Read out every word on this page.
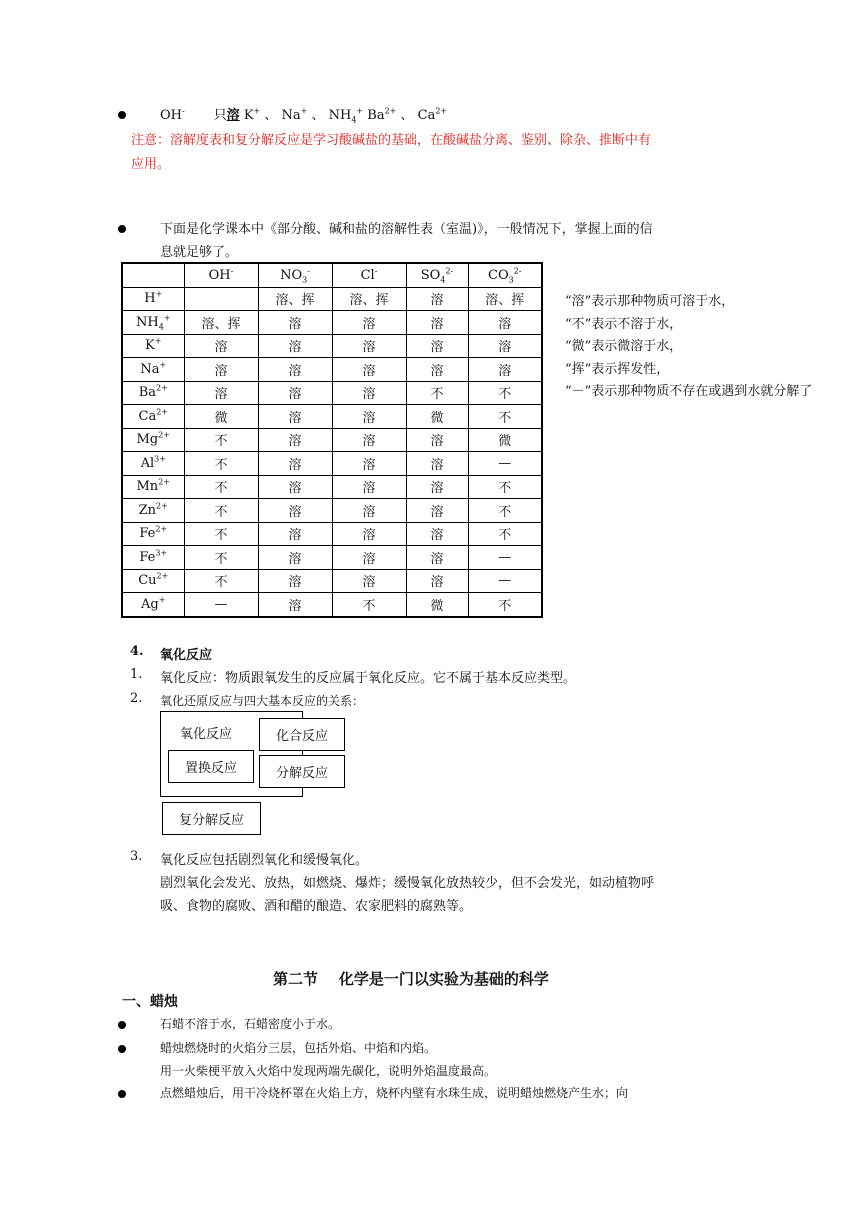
OH- 只溶 K+ 、 Na+ 、 $NH_4^+$ $Ba^{2+}$ 、 $Ca^{2+}$
注意：溶解度表和复分解反应是学习酸碱盐的基础，在酸碱盐分离、鉴别、除杂、推断中有
应用。
下面是化学课本中《部分酸、碱和盐的溶解性表（室温)》，一般情况下，掌握上面的信
息就足够了。
	OH-	$NO_3^-$	Cl-	$SO_4^{2-}$	$CO_3^{2-}$
H+		溶、挥	溶、挥	溶	溶、挥
$NH_4^+$	溶、挥	溶	溶	溶	溶
K+	溶	溶	溶	溶	溶
Na+	溶	溶	溶	溶	溶
$Ba^{2+}$	溶	溶	溶	不	不
$Ca^{2+}$	微	溶	溶	微	不
$Mg^{2+}$	不	溶	溶	溶	微
$Al^{3+}$	不	溶	溶	溶	—
$Mn^{2+}$	不	溶	溶	溶	不
$Zn^{2+}$	不	溶	溶	溶	不
$Fe^{2+}$	不	溶	溶	溶	不
$Fe^{3+}$	不	溶	溶	溶	—
$Cu^{2+}$	不	溶	溶	溶	—
Ag+	—	溶	不	微	不
“溶”表示那种物质可溶于水，
“不”表示不溶于水，
“微”表示微溶于水，
“挥”表示挥发性，
“－”表示那种物质不存在或遇到水就分解了
4. 氧化反应
1. 氧化反应：物质跟氧发生的反应属于氧化反应。它不属于基本反应类型。
2. 氧化还原反应与四大基本反应的关系：
氧化反应	化合反应
置换反应	分解反应
复分解反应
3. 氧化反应包括剧烈氧化和缓慢氧化。
剧烈氧化会发光、放热，如燃烧、爆炸；缓慢氧化放热较少，但不会发光，如动植物呼
吸、食物的腐败、酒和醋的酿造、农家肥料的腐熟等。
第二节    化学是一门以实验为基础的科学
一、蜡烛
石蜡不溶于水，石蜡密度小于水。
蜡烛燃烧时的火焰分三层，包括外焰、中焰和内焰。
用一火柴梗平放入火焰中发现两端先碳化，说明外焰温度最高。
点燃蜡烛后，用干冷烧杯罩在火焰上方，烧杯内壁有水珠生成，说明蜡烛燃烧产生水；向
